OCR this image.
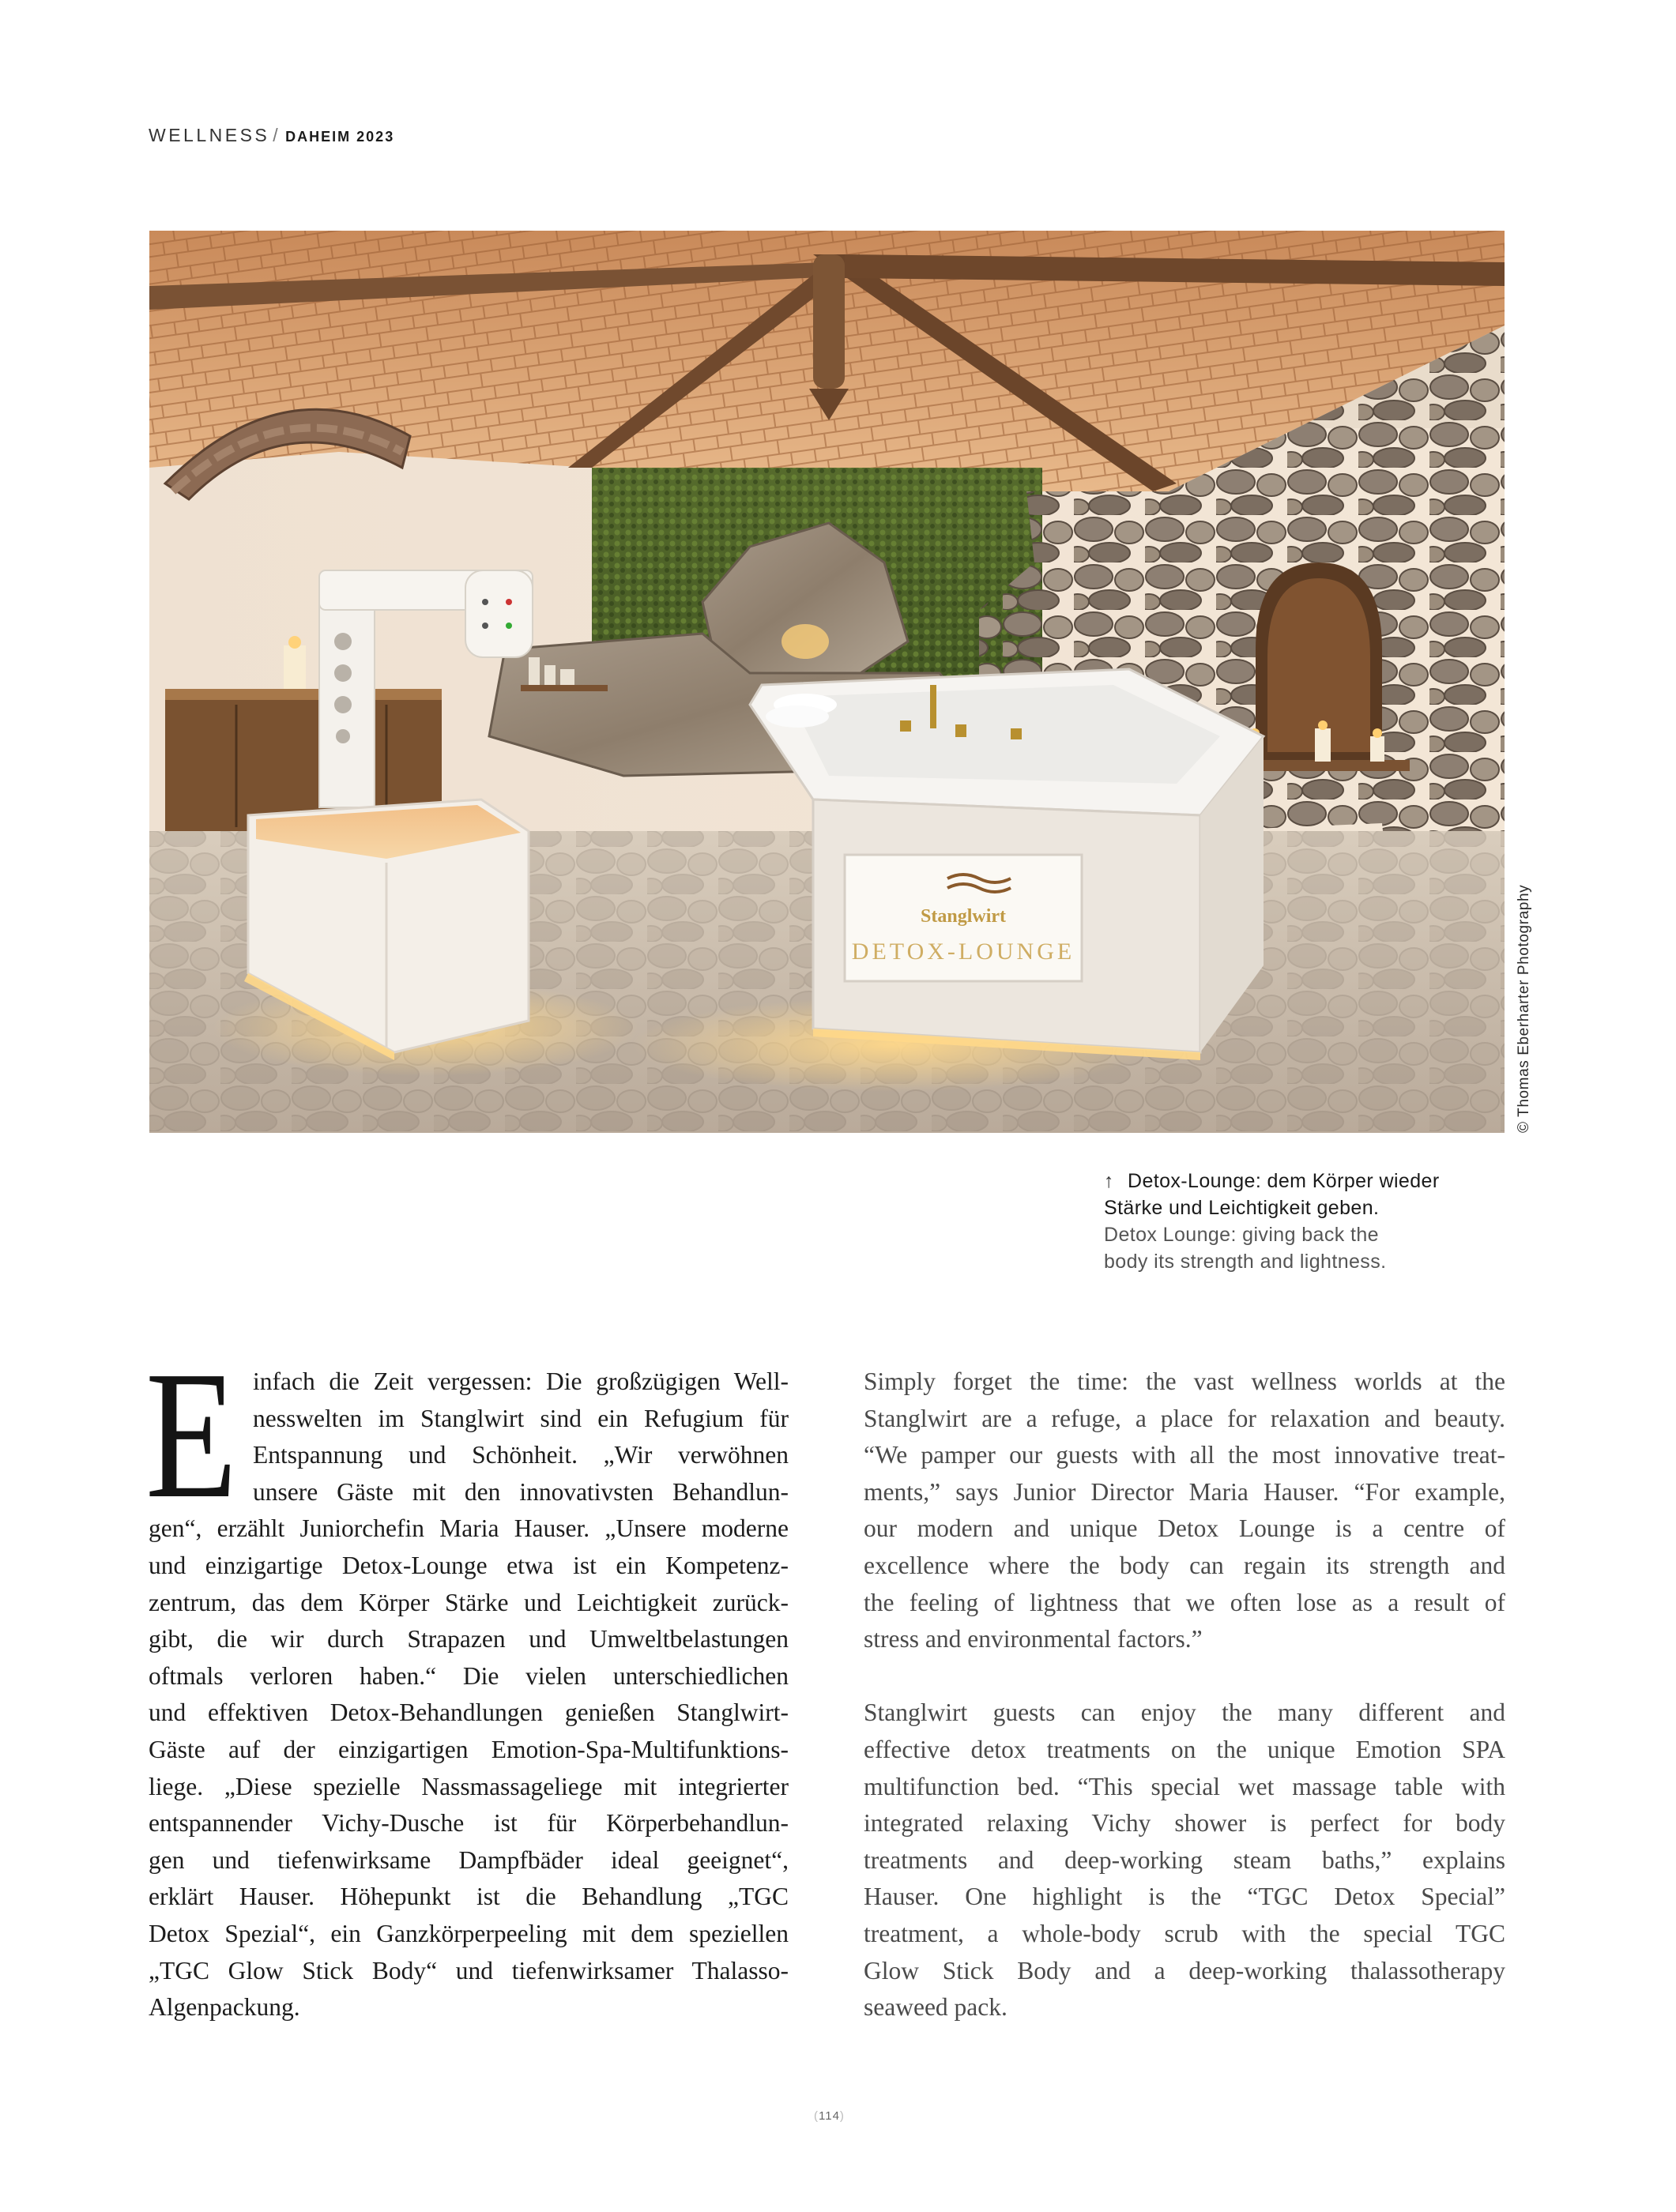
WELLNESS / DAHEIM 2023
Stanglwirt
DETOX-LOUNGE	© Thomas Eberharter Photography
↑ Detox-Lounge: dem Körper wieder
Stärke und Leichtigkeit geben.
Detox Lounge: giving back the
body its strength and lightness.
E infach die Zeit vergessen: Die großzügigen Well-
nesswelten im Stanglwirt sind ein Refugium für
Entspannung und Schönheit. „Wir verwöhnen
unsere Gäste mit den innovativsten Behandlun-
gen“, erzählt Juniorchefin Maria Hauser. „Unsere moderne
und einzigartige Detox-Lounge etwa ist ein Kompetenz-
zentrum, das dem Körper Stärke und Leichtigkeit zurück-
gibt, die wir durch Strapazen und Umweltbelastungen
oftmals verloren haben.“ Die vielen unterschiedlichen
und effektiven Detox-Behandlungen genießen Stanglwirt-
Gäste auf der einzigartigen Emotion-Spa-Multifunktions-
liege. „Diese spezielle Nassmassageliege mit integrierter
entspannender Vichy-Dusche ist für Körperbehandlun-
gen und tiefenwirksame Dampfbäder ideal geeignet“,
erklärt Hauser. Höhepunkt ist die Behandlung „TGC
Detox Spezial“, ein Ganzkörperpeeling mit dem speziellen
„TGC Glow Stick Body“ und tiefenwirksamer Thalasso-
Algenpackung.
Simply forget the time: the vast wellness worlds at the
Stanglwirt are a refuge, a place for relaxation and beauty.
“We pamper our guests with all the most innovative treat-
ments,” says Junior Director Maria Hauser. “For example,
our modern and unique Detox Lounge is a centre of
excellence where the body can regain its strength and
the feeling of lightness that we often lose as a result of
stress and environmental factors.”
Stanglwirt guests can enjoy the many different and
effective detox treatments on the unique Emotion SPA
multifunction bed. “This special wet massage table with
integrated relaxing Vichy shower is perfect for body
treatments and deep-working steam baths,” explains
Hauser. One highlight is the “TGC Detox Special”
treatment, a whole-body scrub with the special TGC
Glow Stick Body and a deep-working thalassotherapy
seaweed pack.
(114)
